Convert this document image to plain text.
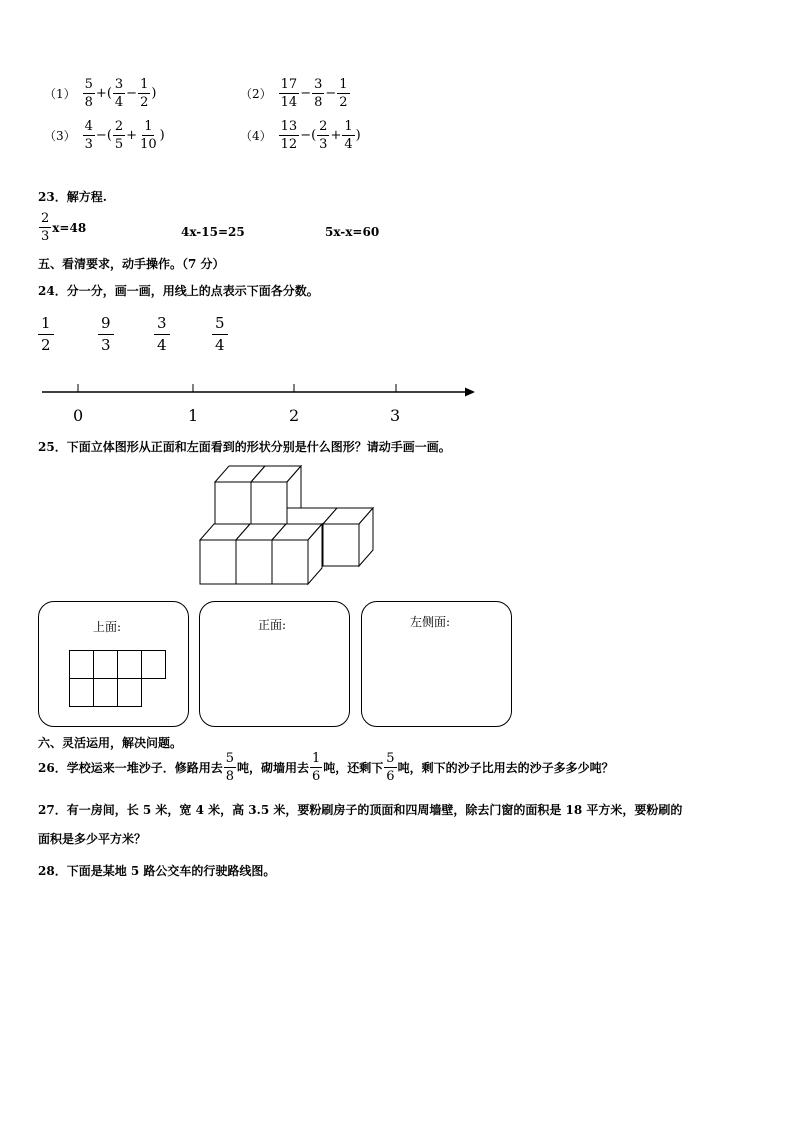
$(1) \frac{5}{8}$ +( $\frac{3}{4} - \frac{1}{2}$ )	$(2) \frac{17}{14} - \frac{3}{8} - \frac{1}{2}$
$(3) \frac{4}{3}$ −( $\frac{2}{5} + \frac{1}{10}$ )	$(4) \frac{13}{12}$ −( $\frac{2}{3} + \frac{1}{4}$ )
23．解方程.
$\frac{2}{3} x=48$	4x-15=25	5x-x=60
五、看清要求，动手操作。（7 分）
24．分一分，画一画，用线上的点表示下面各分数。
$\frac{1}{2}$	$\frac{9}{3}$	$\frac{3}{4}$	$\frac{5}{4}$
0	1	2	3
25．下面立体图形从正面和左面看到的形状分别是什么图形？请动手画一画。
上面:	正面:	左侧面:
六、灵活运用，解决问题。
26．学校运来一堆沙子．修路用去 $\frac{5}{8}$ 吨，砌墙用去 $\frac{1}{6}$ 吨，还剩下 $\frac{5}{6}$ 吨，剩下的沙子比用去的沙子多多少吨？
27．有一房间，长 5 米，宽 4 米，高 3.5 米，要粉刷房子的顶面和四周墙壁，除去门窗的面积是 18 平方米，要粉刷的
面积是多少平方米？
28．下面是某地 5 路公交车的行驶路线图。
